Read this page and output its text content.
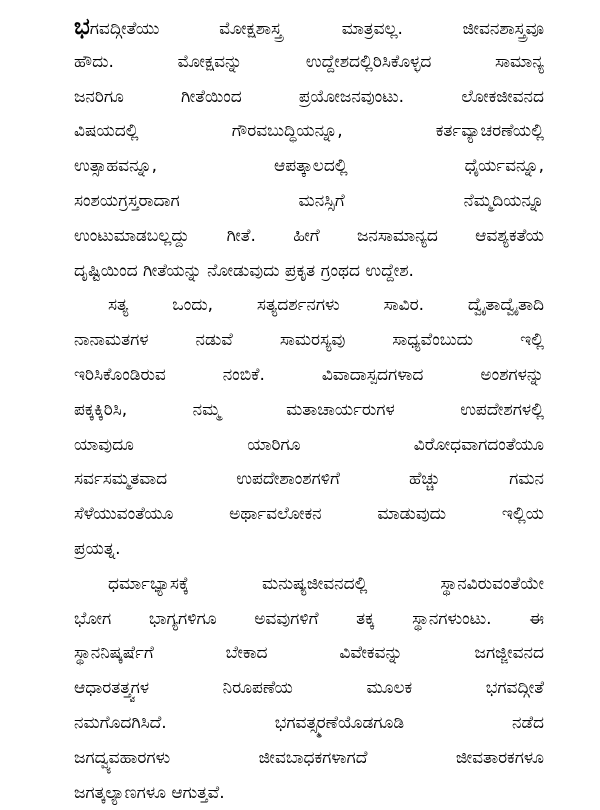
ಭಗವದ್ಗೀತೆಯು ಮೋಕ್ಷಶಾಸ್ತ್ರ ಮಾತ್ರವಲ್ಲ. ಜೀವನಶಾಸ್ತ್ರವೂ
ಹೌದು. ಮೋಕ್ಷವನ್ನು ಉದ್ದೇಶದಲ್ಲಿರಿಸಿಕೊಳ್ಳದ ಸಾಮಾನ್ಯ
ಜನರಿಗೂ ಗೀತೆಯಿಂದ ಪ್ರಯೋಜನವುಂಟು. ಲೋಕಜೀವನದ
ವಿಷಯದಲ್ಲಿ ಗೌರವಬುದ್ಧಿಯನ್ನೂ, ಕರ್ತವ್ಯಾಚರಣೆಯಲ್ಲಿ
ಉತ್ಸಾಹವನ್ನೂ, ಆಪತ್ಕಾಲದಲ್ಲಿ ಧೈರ್ಯವನ್ನೂ,
ಸಂಶಯಗ್ರಸ್ತರಾದಾಗ ಮನಸ್ಸಿಗೆ ನೆಮ್ಮದಿಯನ್ನೂ
ಉಂಟುಮಾಡಬಲ್ಲದ್ದು ಗೀತೆ. ಹೀಗೆ ಜನಸಾಮಾನ್ಯದ ಆವಶ್ಯಕತೆಯ
ದೃಷ್ಟಿಯಿಂದ ಗೀತೆಯನ್ನು ನೋಡುವುದು ಪ್ರಕೃತ ಗ್ರಂಥದ ಉದ್ದೇಶ.
ಸತ್ಯ ಒಂದು, ಸತ್ಯದರ್ಶನಗಳು ಸಾವಿರ. ದ್ವೈತಾದ್ವೈತಾದಿ
ನಾನಾಮತಗಳ ನಡುವೆ ಸಾಮರಸ್ಯವು ಸಾಧ್ಯವೆಂಬುದು ಇಲ್ಲಿ
ಇರಿಸಿಕೊಂಡಿರುವ ನಂಬಿಕೆ. ವಿವಾದಾಸ್ಪದಗಳಾದ ಅಂಶಗಳನ್ನು
ಪಕ್ಕಕ್ಕಿರಿಸಿ, ನಮ್ಮ ಮತಾಚಾರ್ಯರುಗಳ ಉಪದೇಶಗಳಲ್ಲಿ
ಯಾವುದೂ ಯಾರಿಗೂ ವಿರೋಧವಾಗದಂತೆಯೂ
ಸರ್ವಸಮ್ಮತವಾದ ಉಪದೇಶಾಂಶಗಳಿಗೆ ಹೆಚ್ಚು ಗಮನ
ಸೆಳೆಯುವಂತೆಯೂ ಅರ್ಥಾವಲೋಕನ ಮಾಡುವುದು ಇಲ್ಲಿಯ
ಪ್ರಯತ್ನ.
ಧರ್ಮಾಭ್ಯಾಸಕ್ಕೆ ಮನುಷ್ಯಜೀವನದಲ್ಲಿ ಸ್ಥಾನವಿರುವಂತೆಯೇ
ಭೋಗ ಭಾಗ್ಯಗಳಿಗೂ ಅವವುಗಳಿಗೆ ತಕ್ಕ ಸ್ಥಾನಗಳುಂಟು. ಈ
ಸ್ಥಾನನಿಷ್ಕರ್ಷೆಗೆ ಬೇಕಾದ ವಿವೇಕವನ್ನು ಜಗಜ್ಜೀವನದ
ಆಧಾರತತ್ತ್ವಗಳ ನಿರೂಪಣೆಯ ಮೂಲಕ ಭಗವದ್ಗೀತೆ
ನಮಗೊದಗಿಸಿದೆ. ಭಗವತ್ಸ್ಮರಣೆಯೊಡಗೂಡಿ ನಡೆದ
ಜಗದ್ವ್ಯವಹಾರಗಳು ಜೀವಬಾಧಕಗಳಾಗದೆ ಜೀವತಾರಕಗಳೂ
ಜಗತ್ಕಲ್ಯಾಣಗಳೂ ಆಗುತ್ತವೆ.
